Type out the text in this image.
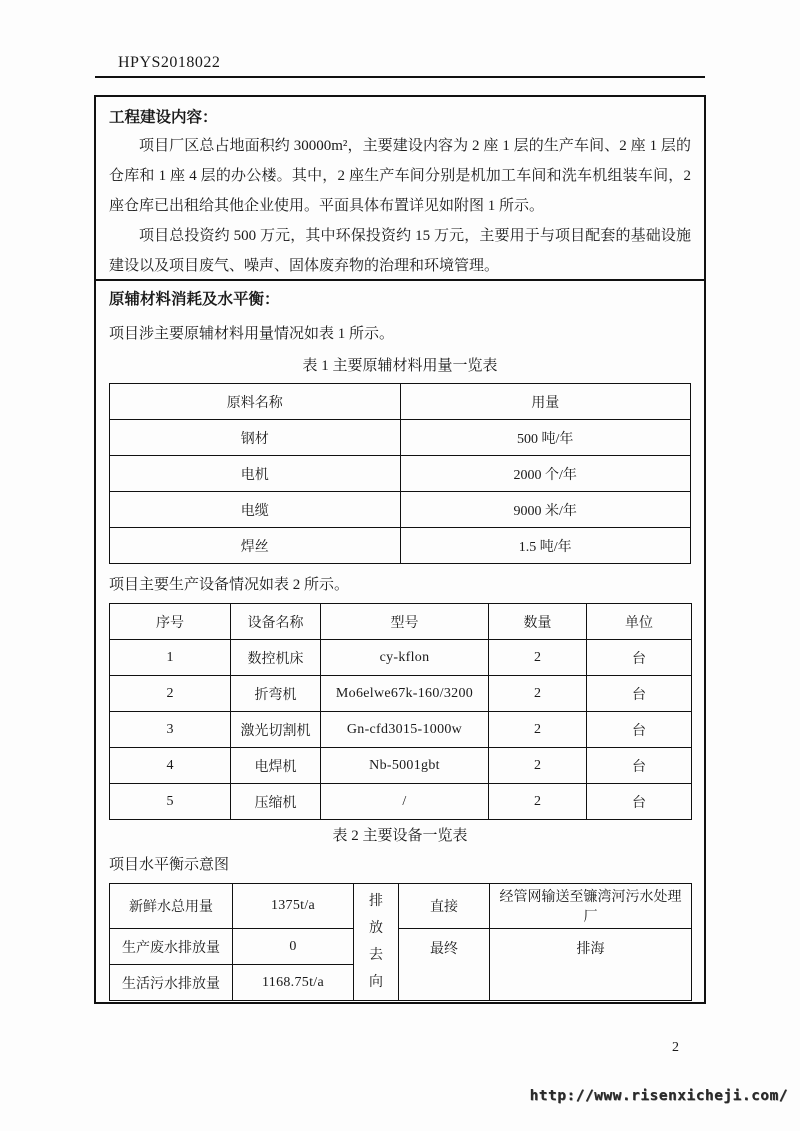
HPYS2018022
工程建设内容：

项目厂区总占地面积约 30000m²，主要建设内容为 2 座 1 层的生产车间、2 座 1 层的仓库和 1 座 4 层的办公楼。其中，2 座生产车间分别是机加工车间和洗车机组装车间，2 座仓库已出租给其他企业使用。平面具体布置详见如附图 1 所示。

项目总投资约 500 万元，其中环保投资约 15 万元，主要用于与项目配套的基础设施建设以及项目废气、噪声、固体废弃物的治理和环境管理。

原辅材料消耗及水平衡：
项目涉主要原辅材料用量情况如表 1 所示。
表 1 主要原辅材料用量一览表
原料名称	用量
钢材	500 吨/年
电机	2000 个/年
电缆	9000 米/年
焊丝	1.5 吨/年
项目主要生产设备情况如表 2 所示。
序号	设备名称	型号	数量	单位
1	数控机床	cy-kflon	2	台
2	折弯机	Mo6elwe67k-160/3200	2	台
3	激光切割机	Gn-cfd3015-1000w	2	台
4	电焊机	Nb-5001gbt	2	台
5	压缩机	/	2	台
表 2 主要设备一览表
项目水平衡示意图
新鲜水总用量	1375t/a	排放去向	直接	经管网输送至镰湾河污水处理厂
生产废水排放量	0		最终	排海
生活污水排放量	1168.75t/a			
2
http://www.risenxicheji.com/
